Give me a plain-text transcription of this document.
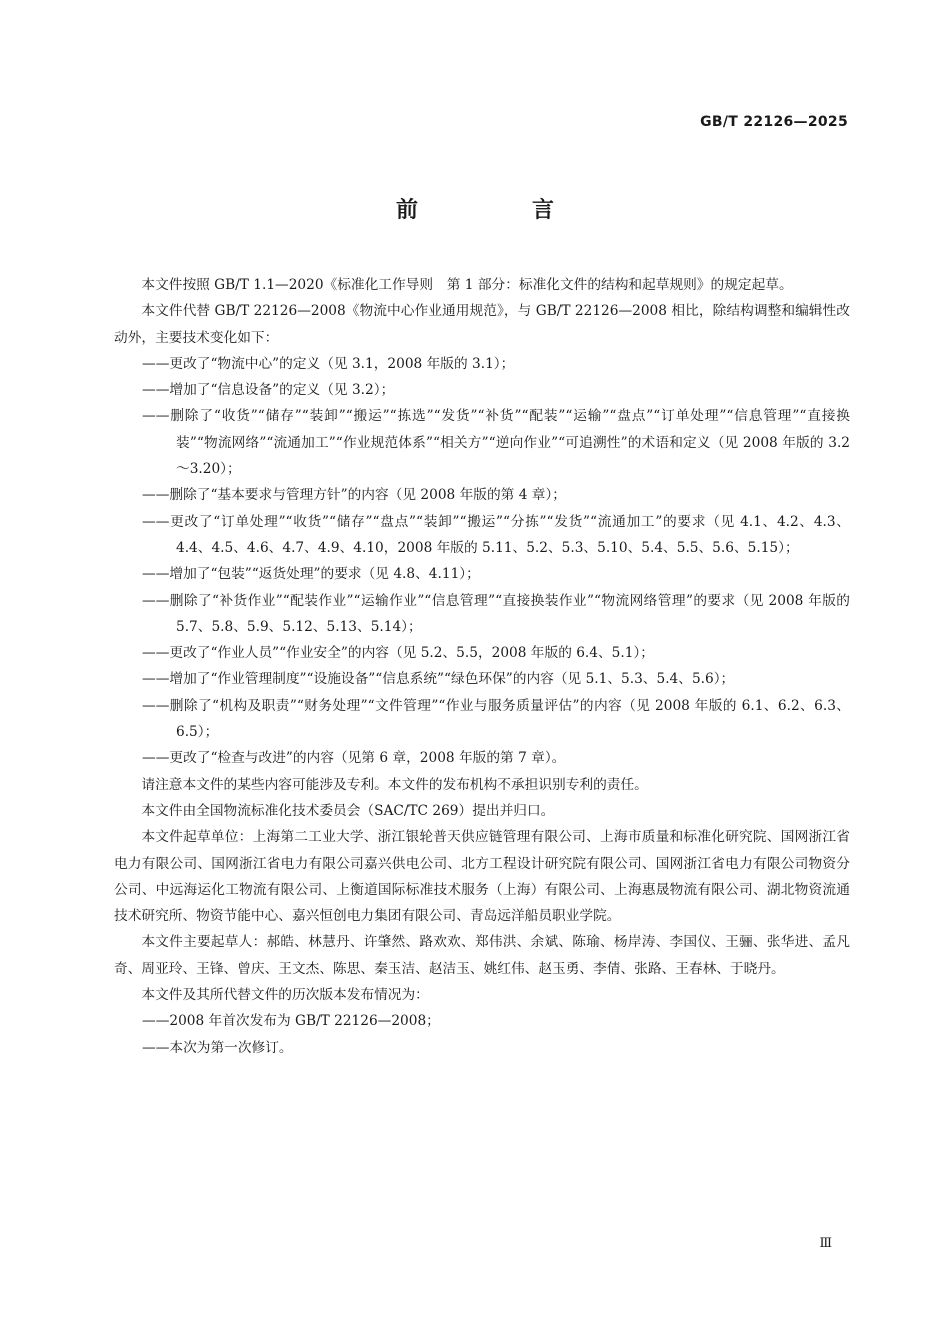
GB/T 22126—2025
前　言

本文件按照 GB/T 1.1—2020《标准化工作导则　第 1 部分：标准化文件的结构和起草规则》的规定起草。

本文件代替 GB/T 22126—2008《物流中心作业通用规范》，与 GB/T 22126—2008 相比，除结构调整和编辑性改动外，主要技术变化如下：

——更改了“物流中心”的定义（见 3.1，2008 年版的 3.1）；

——增加了“信息设备”的定义（见 3.2）；

——删除了“收货”“储存”“装卸”“搬运”“拣选”“发货”“补货”“配装”“运输”“盘点”“订单处理”“信息管理”“直接换装”“物流网络”“流通加工”“作业规范体系”“相关方”“逆向作业”“可追溯性”的术语和定义（见 2008 年版的 3.2～3.20）；

——删除了“基本要求与管理方针”的内容（见 2008 年版的第 4 章）；

——更改了“订单处理”“收货”“储存”“盘点”“装卸”“搬运”“分拣”“发货”“流通加工”的要求（见 4.1、4.2、4.3、4.4、4.5、4.6、4.7、4.9、4.10，2008 年版的 5.11、5.2、5.3、5.10、5.4、5.5、5.6、5.15）；

——增加了“包装”“返货处理”的要求（见 4.8、4.11）；

——删除了“补货作业”“配装作业”“运输作业”“信息管理”“直接换装作业”“物流网络管理”的要求（见 2008 年版的 5.7、5.8、5.9、5.12、5.13、5.14）；

——更改了“作业人员”“作业安全”的内容（见 5.2、5.5，2008 年版的 6.4、5.1）；

——增加了“作业管理制度”“设施设备”“信息系统”“绿色环保”的内容（见 5.1、5.3、5.4、5.6）；

——删除了“机构及职责”“财务处理”“文件管理”“作业与服务质量评估”的内容（见 2008 年版的 6.1、6.2、6.3、6.5）；

——更改了“检查与改进”的内容（见第 6 章，2008 年版的第 7 章）。

请注意本文件的某些内容可能涉及专利。本文件的发布机构不承担识别专利的责任。

本文件由全国物流标准化技术委员会（SAC/TC 269）提出并归口。

本文件起草单位：上海第二工业大学、浙江银轮普天供应链管理有限公司、上海市质量和标准化研究院、国网浙江省电力有限公司、国网浙江省电力有限公司嘉兴供电公司、北方工程设计研究院有限公司、国网浙江省电力有限公司物资分公司、中远海运化工物流有限公司、上衡道国际标准技术服务（上海）有限公司、上海惠晟物流有限公司、湖北物资流通技术研究所、物资节能中心、嘉兴恒创电力集团有限公司、青岛远洋船员职业学院。

本文件主要起草人：郝皓、林慧丹、许肇然、路欢欢、郑伟洪、余斌、陈瑜、杨岸涛、李国仪、王骊、张华进、孟凡奇、周亚玲、王锋、曾庆、王文杰、陈思、秦玉洁、赵洁玉、姚红伟、赵玉勇、李倩、张路、王春林、于晓丹。

本文件及其所代替文件的历次版本发布情况为：

——2008 年首次发布为 GB/T 22126—2008；

——本次为第一次修订。

Ⅲ
